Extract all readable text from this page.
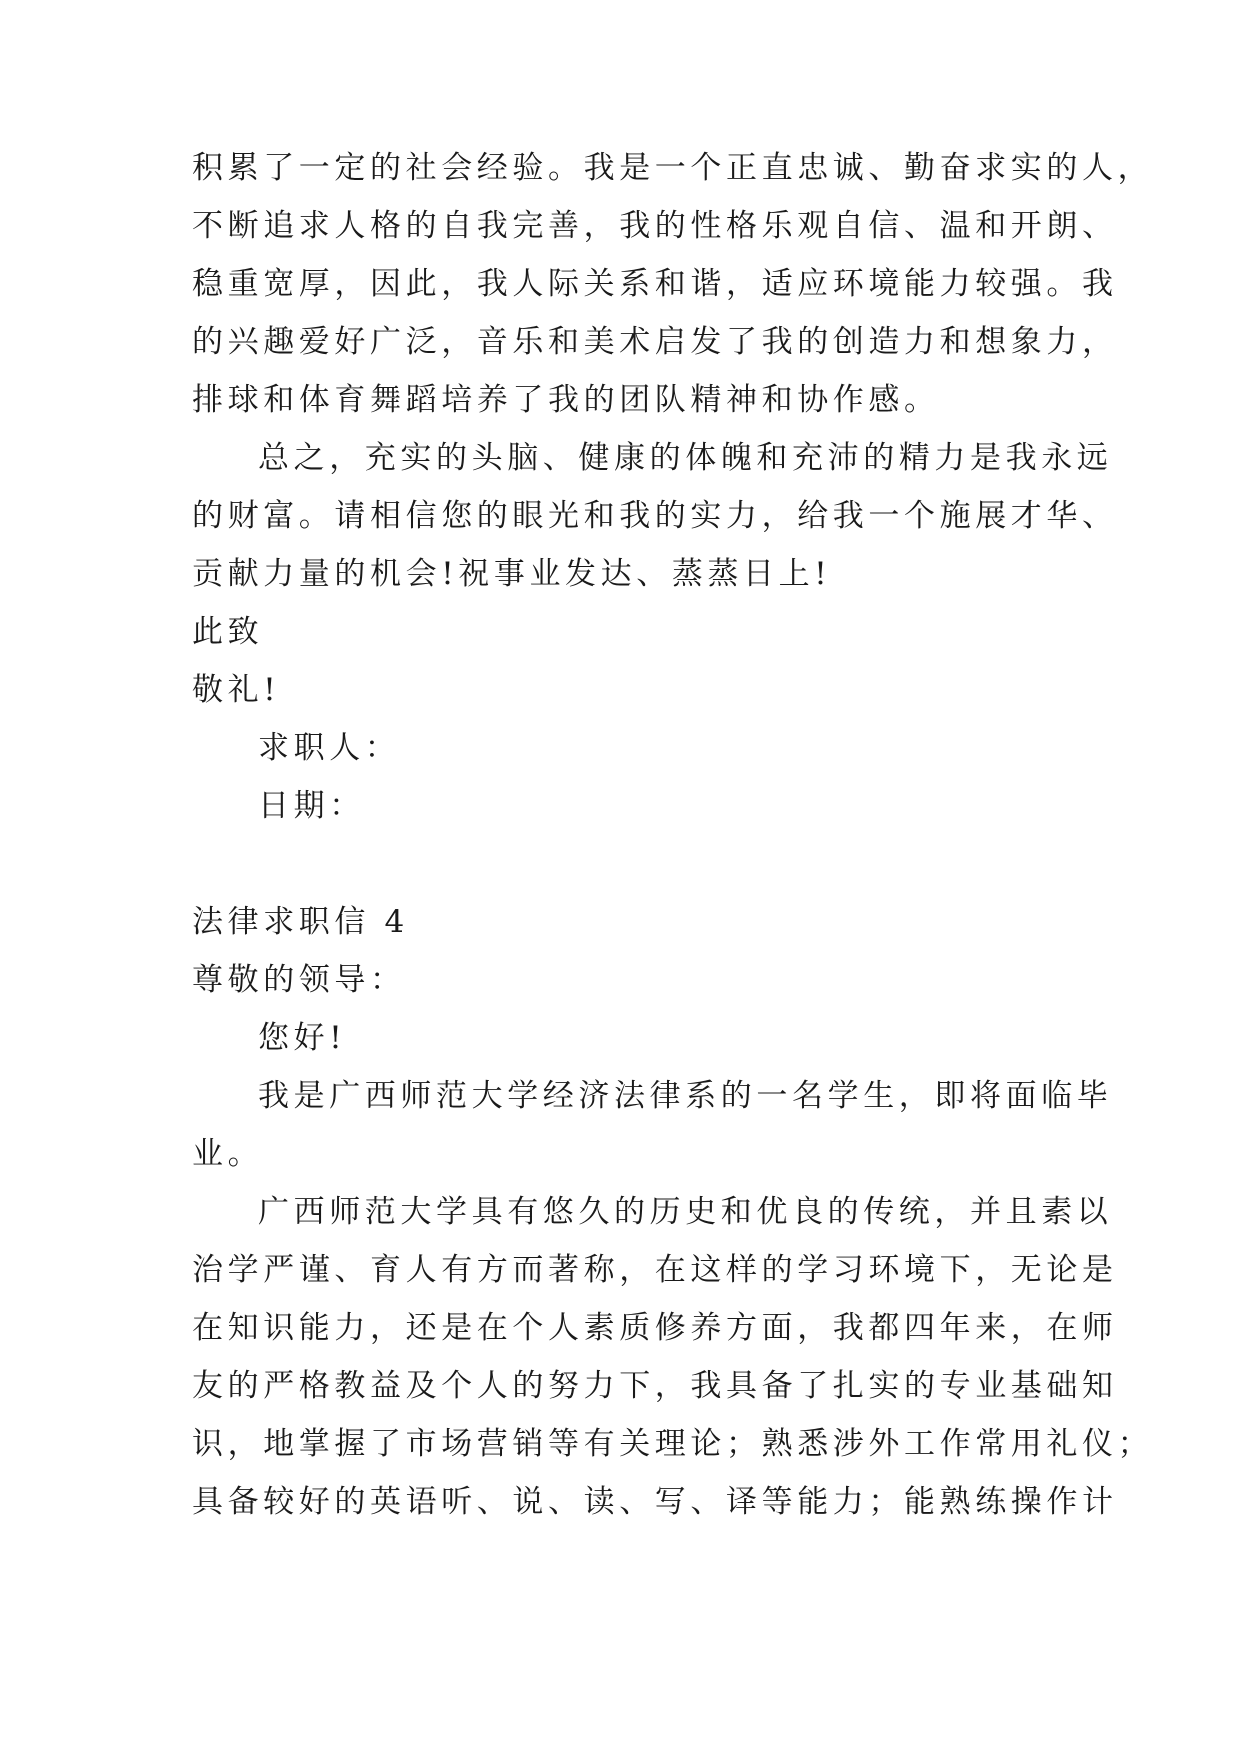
积累了一定的社会经验。我是一个正直忠诚、勤奋求实的人，
不断追求人格的自我完善，我的性格乐观自信、温和开朗、
稳重宽厚，因此，我人际关系和谐，适应环境能力较强。我
的兴趣爱好广泛，音乐和美术启发了我的创造力和想象力，
排球和体育舞蹈培养了我的团队精神和协作感。
总之，充实的头脑、健康的体魄和充沛的精力是我永远
的财富。请相信您的眼光和我的实力，给我一个施展才华、
贡献力量的机会!祝事业发达、蒸蒸日上!
此致
敬礼!
求职人：
日期：
法律求职信 4
尊敬的领导：
您好!
我是广西师范大学经济法律系的一名学生，即将面临毕
业。
广西师范大学具有悠久的历史和优良的传统，并且素以
治学严谨、育人有方而著称，在这样的学习环境下，无论是
在知识能力，还是在个人素质修养方面，我都四年来，在师
友的严格教益及个人的努力下，我具备了扎实的专业基础知
识，地掌握了市场营销等有关理论；熟悉涉外工作常用礼仪；
具备较好的英语听、说、读、写、译等能力；能熟练操作计
